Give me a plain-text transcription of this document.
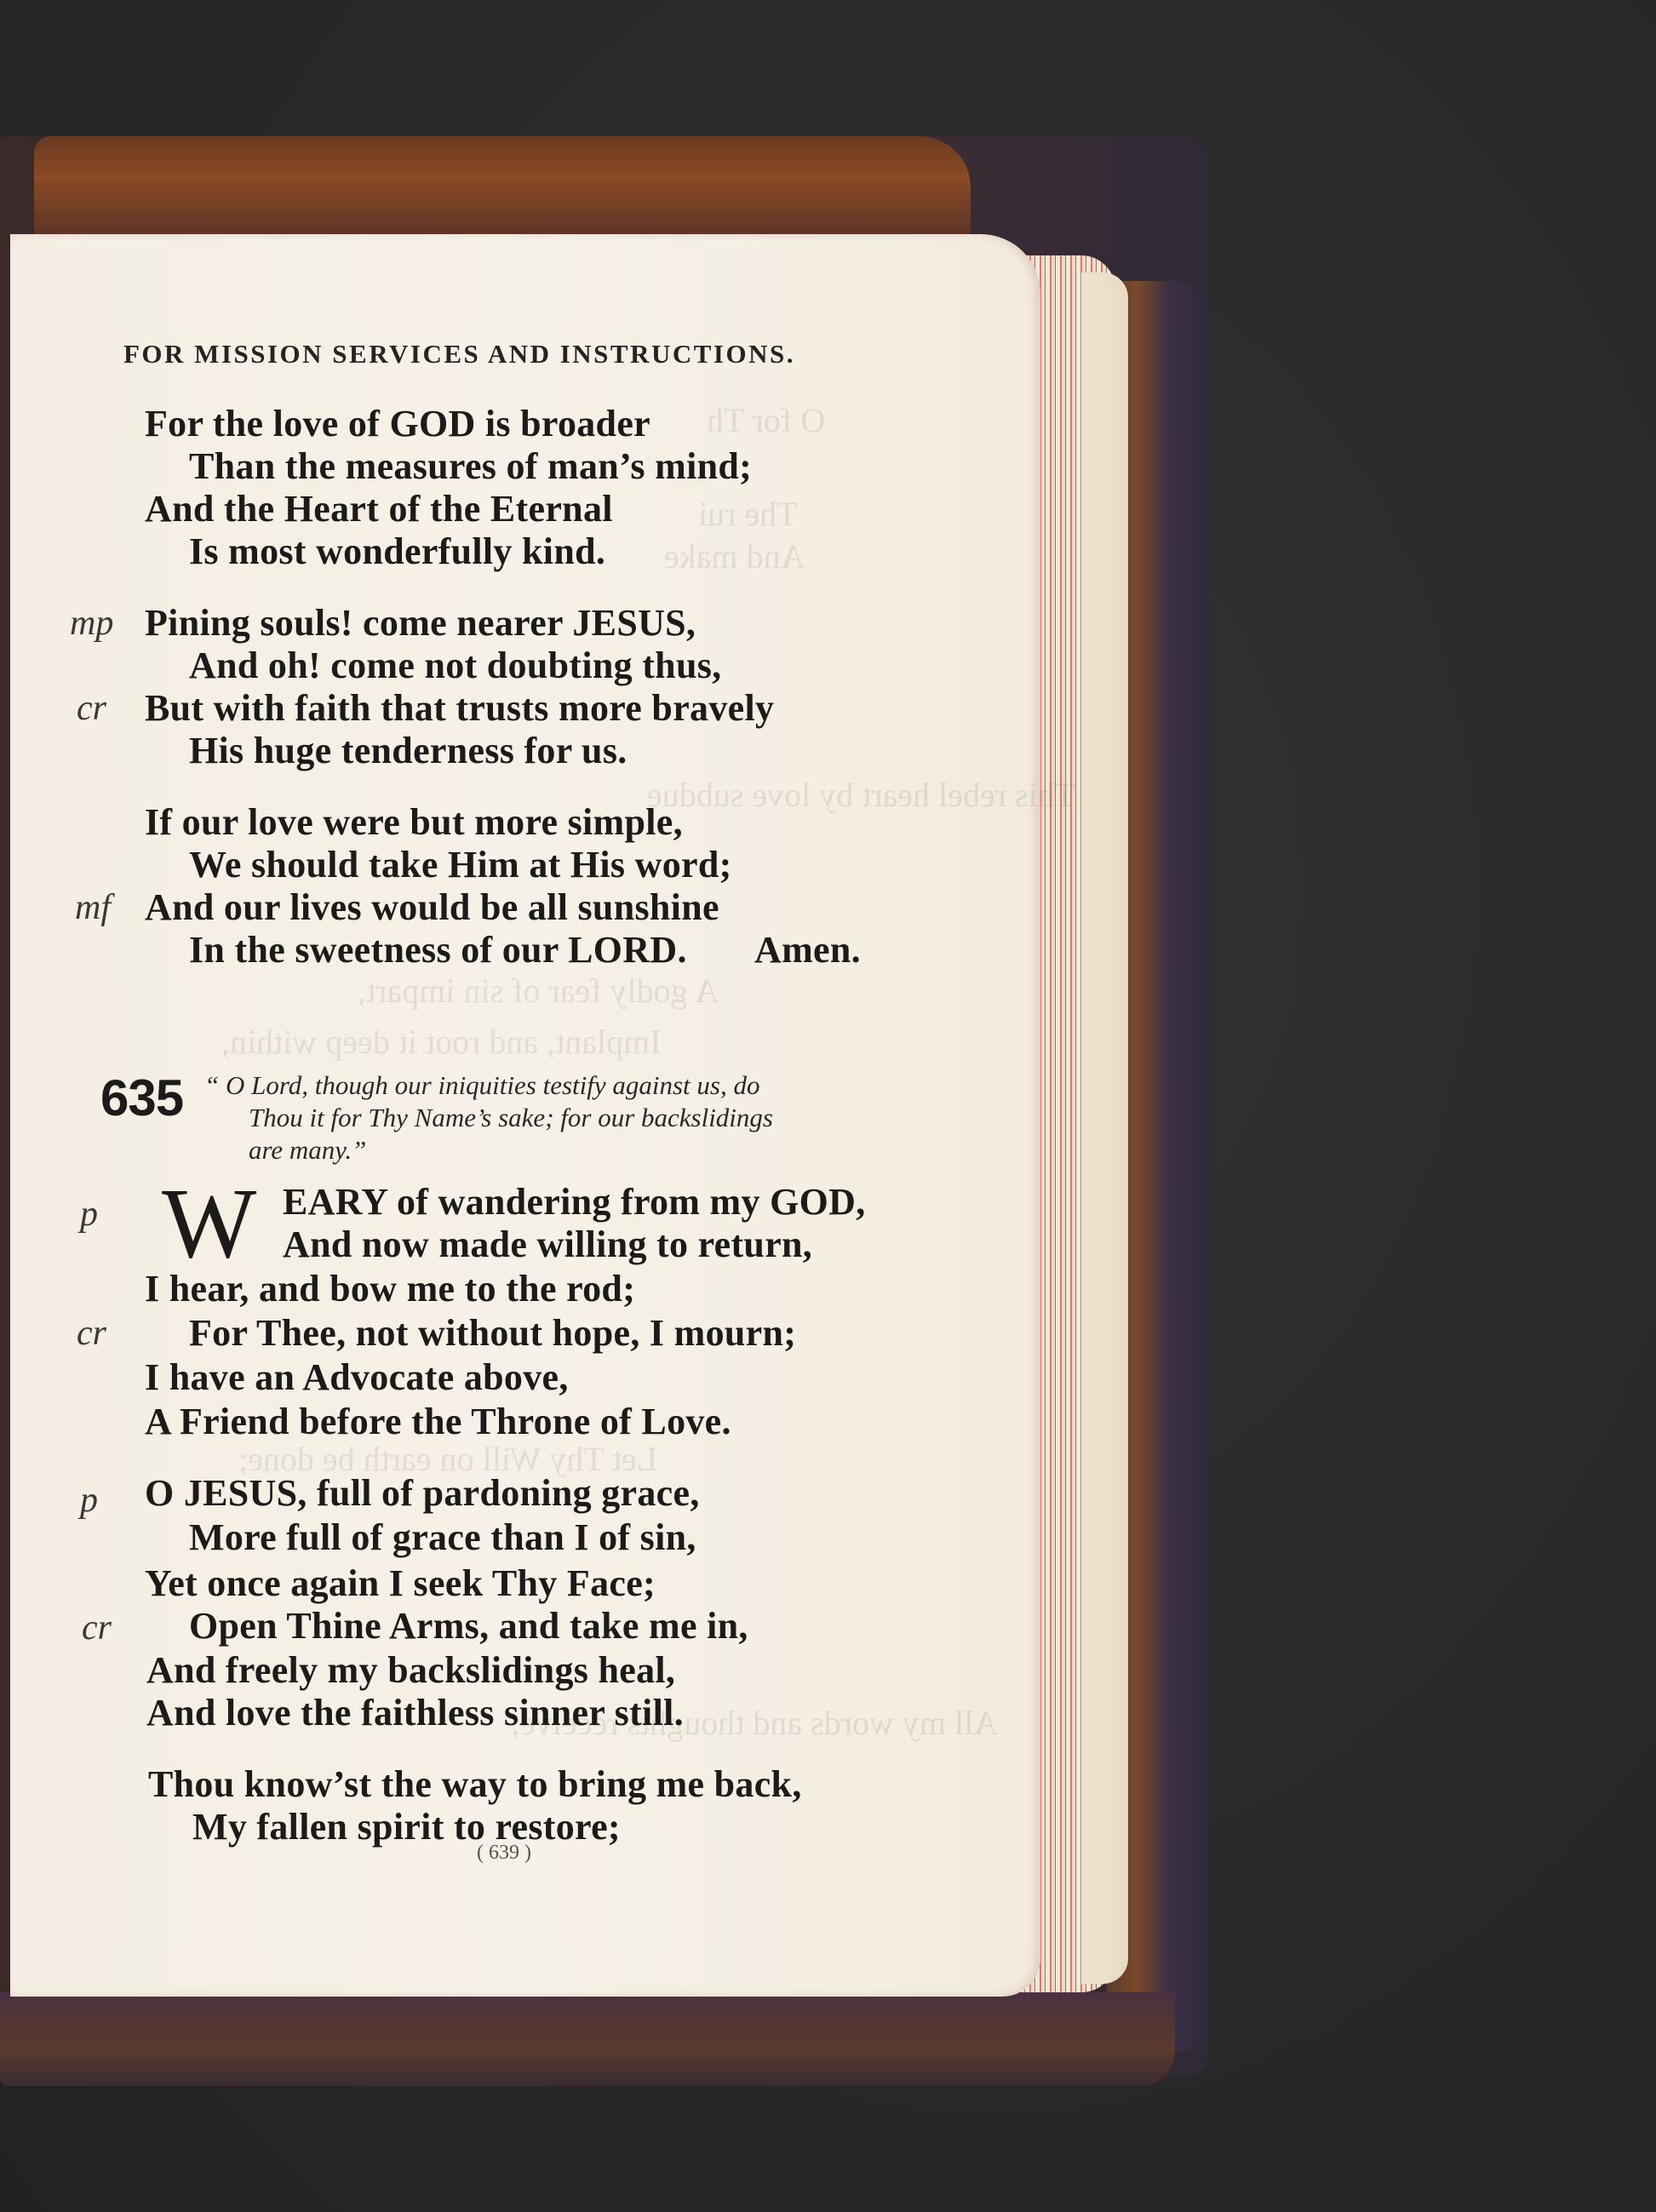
O for Th
The rui
And make
This rebel heart by love subdue
A godly fear of sin impart,
Implant, and root it deep within,
Let Thy Will on earth be done;
All my words and thoughts receive;
FOR MISSION SERVICES AND INSTRUCTIONS.
For the love of GOD is broader
Than the measures of man’s mind;
And the Heart of the Eternal
Is most wonderfully kind.
mp Pining souls! come nearer JESUS,
And oh! come not doubting thus,
cr But with faith that trusts more bravely
His huge tenderness for us.
If our love were but more simple,
We should take Him at His word;
mf And our lives would be all sunshine
In the sweetness of our LORD. Amen.
635 “ O Lord, though our iniquities testify against us, do
Thou it for Thy Name’s sake; for our backslidings
are many.”
p W EARY of wandering from my GOD,
And now made willing to return,
I hear, and bow me to the rod;
cr For Thee, not without hope, I mourn;
I have an Advocate above,
A Friend before the Throne of Love.
p O JESUS, full of pardoning grace,
More full of grace than I of sin,
Yet once again I seek Thy Face;
cr Open Thine Arms, and take me in,
And freely my backslidings heal,
And love the faithless sinner still.
Thou know’st the way to bring me back,
My fallen spirit to restore;
( 639 )
